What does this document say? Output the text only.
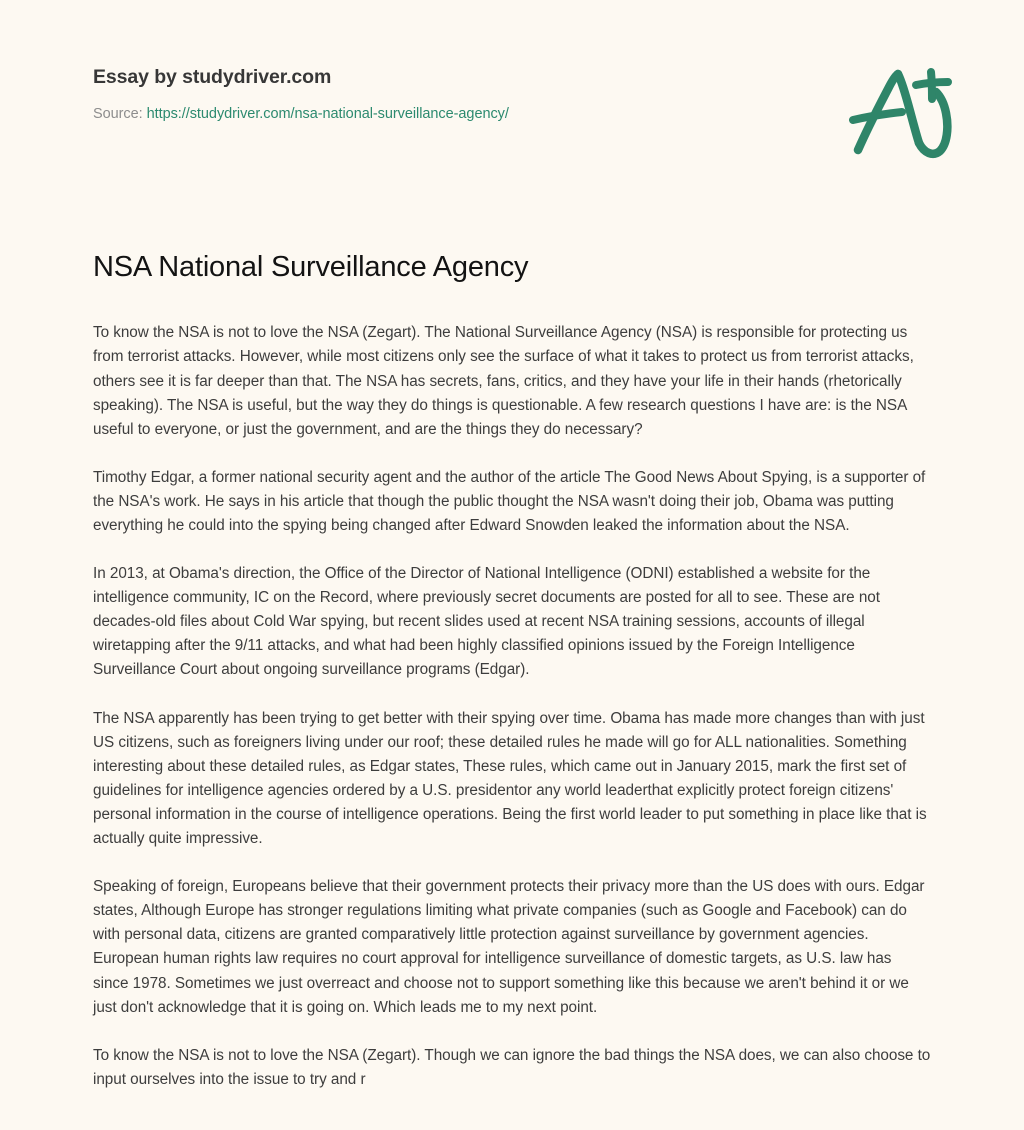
Essay by studydriver.com
Source: https://studydriver.com/nsa-national-surveillance-agency/
NSA National Surveillance Agency

To know the NSA is not to love the NSA (Zegart). The National Surveillance Agency (NSA) is responsible for protecting us from terrorist attacks. However, while most citizens only see the surface of what it takes to protect us from terrorist attacks, others see it is far deeper than that. The NSA has secrets, fans, critics, and they have your life in their hands (rhetorically speaking). The NSA is useful, but the way they do things is questionable. A few research questions I have are: is the NSA useful to everyone, or just the government, and are the things they do necessary?

Timothy Edgar, a former national security agent and the author of the article The Good News About Spying, is a supporter of the NSA's work. He says in his article that though the public thought the NSA wasn't doing their job, Obama was putting everything he could into the spying being changed after Edward Snowden leaked the information about the NSA.

In 2013, at Obama's direction, the Office of the Director of National Intelligence (ODNI) established a website for the intelligence community, IC on the Record, where previously secret documents are posted for all to see. These are not decades-old files about Cold War spying, but recent slides used at recent NSA training sessions, accounts of illegal wiretapping after the 9/11 attacks, and what had been highly classified opinions issued by the Foreign Intelligence Surveillance Court about ongoing surveillance programs (Edgar).

The NSA apparently has been trying to get better with their spying over time. Obama has made more changes than with just US citizens, such as foreigners living under our roof; these detailed rules he made will go for ALL nationalities. Something interesting about these detailed rules, as Edgar states, These rules, which came out in January 2015, mark the first set of guidelines for intelligence agencies ordered by a U.S. presidentor any world leaderthat explicitly protect foreign citizens' personal information in the course of intelligence operations. Being the first world leader to put something in place like that is actually quite impressive.

Speaking of foreign, Europeans believe that their government protects their privacy more than the US does with ours. Edgar states, Although Europe has stronger regulations limiting what private companies (such as Google and Facebook) can do with personal data, citizens are granted comparatively little protection against surveillance by government agencies. European human rights law requires no court approval for intelligence surveillance of domestic targets, as U.S. law has since 1978. Sometimes we just overreact and choose not to support something like this because we aren't behind it or we just don't acknowledge that it is going on. Which leads me to my next point.

To know the NSA is not to love the NSA (Zegart). Though we can ignore the bad things the NSA does, we can also choose to input ourselves into the issue to try and r
